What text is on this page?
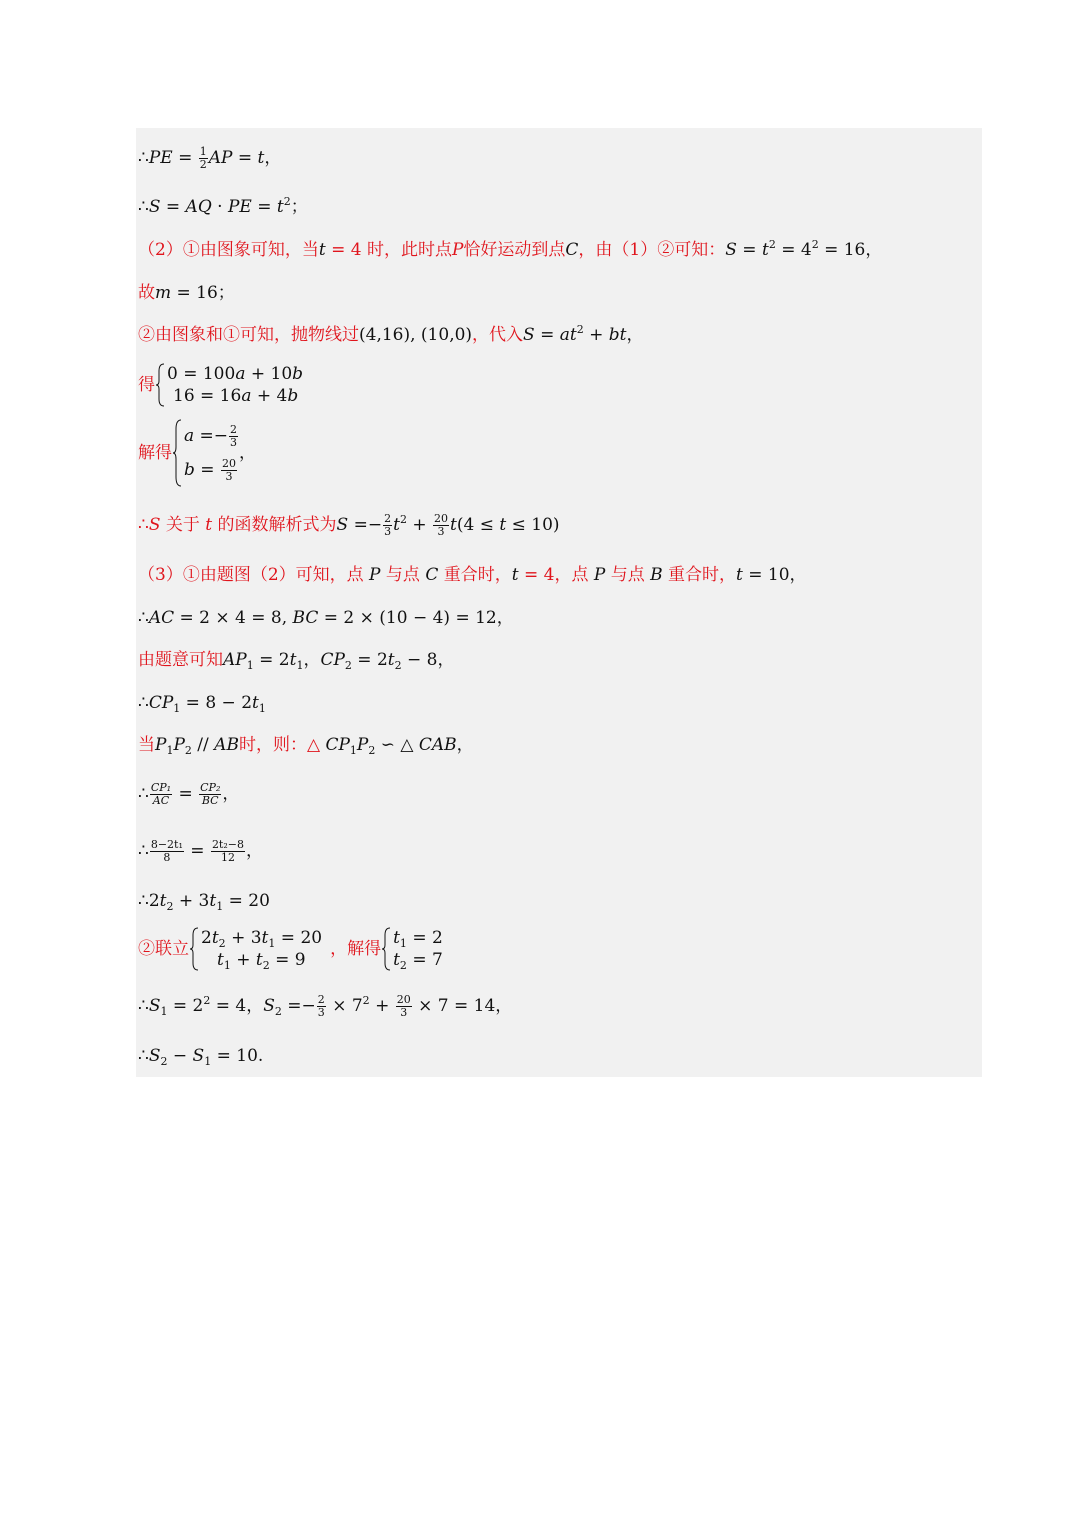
∴PE = $\frac{1}{2}$ AP = t，
∴S = AQ · PE = $t^2$；
（2）①由图象可知，当t = 4 时，此时点P恰好运动到点C，由（1）②可知：$S = t^2 = 4^2 = 16$，
故m = 16；
②由图象和①可知，抛物线过(4,16), (10,0)，代入$S = at^2$ + bt，
得
0 = 100a + 10b
16 = 16a + 4b
解得
$a =- \frac{2}{3}$
$b = \frac{20}{3}$
，
∴S 关于 t 的函数解析式为$S =- \frac{2}{3} t^2 + \frac{20}{3} t(4 \le t \le 10)$
（3）①由题图（2）可知，点 P 与点 C 重合时，t = 4，点 P 与点 B 重合时，t = 10，
∴AC = 2 × 4 = 8, BC = 2 × (10 − 4) = 12，
由题意可知$AP_1 = 2t_1$，$CP_2 = 2t_2 - 8$，
$\therefore CP_1 = 8 - 2t_1$
当$P_1P_2$ // AB时，则：△ $CP_1P_2$ ∽ △ CAB，
∴ $\frac{\text{CP₁}}{AC} = \frac{\text{CP₂}}{BC}$ ，
∴ $\frac{\text{8−2t₁}}{8} = \frac{\text{2t₂−8}}{12}$ ，
$\therefore 2t_2 + 3t_1 = 20$
②联立
$2t_2 + 3t_1 = 20$
$t_1 + t_2 = 9$
，解得
$t_1 = 2$
$t_2 = 7$
$\therefore S_1 = 2^2 = 4$，$S_2 =- \frac{2}{3} \times 7^2 + \frac{20}{3} \times 7 = 14$，
$\therefore S_2 - S_1 = 10$.
